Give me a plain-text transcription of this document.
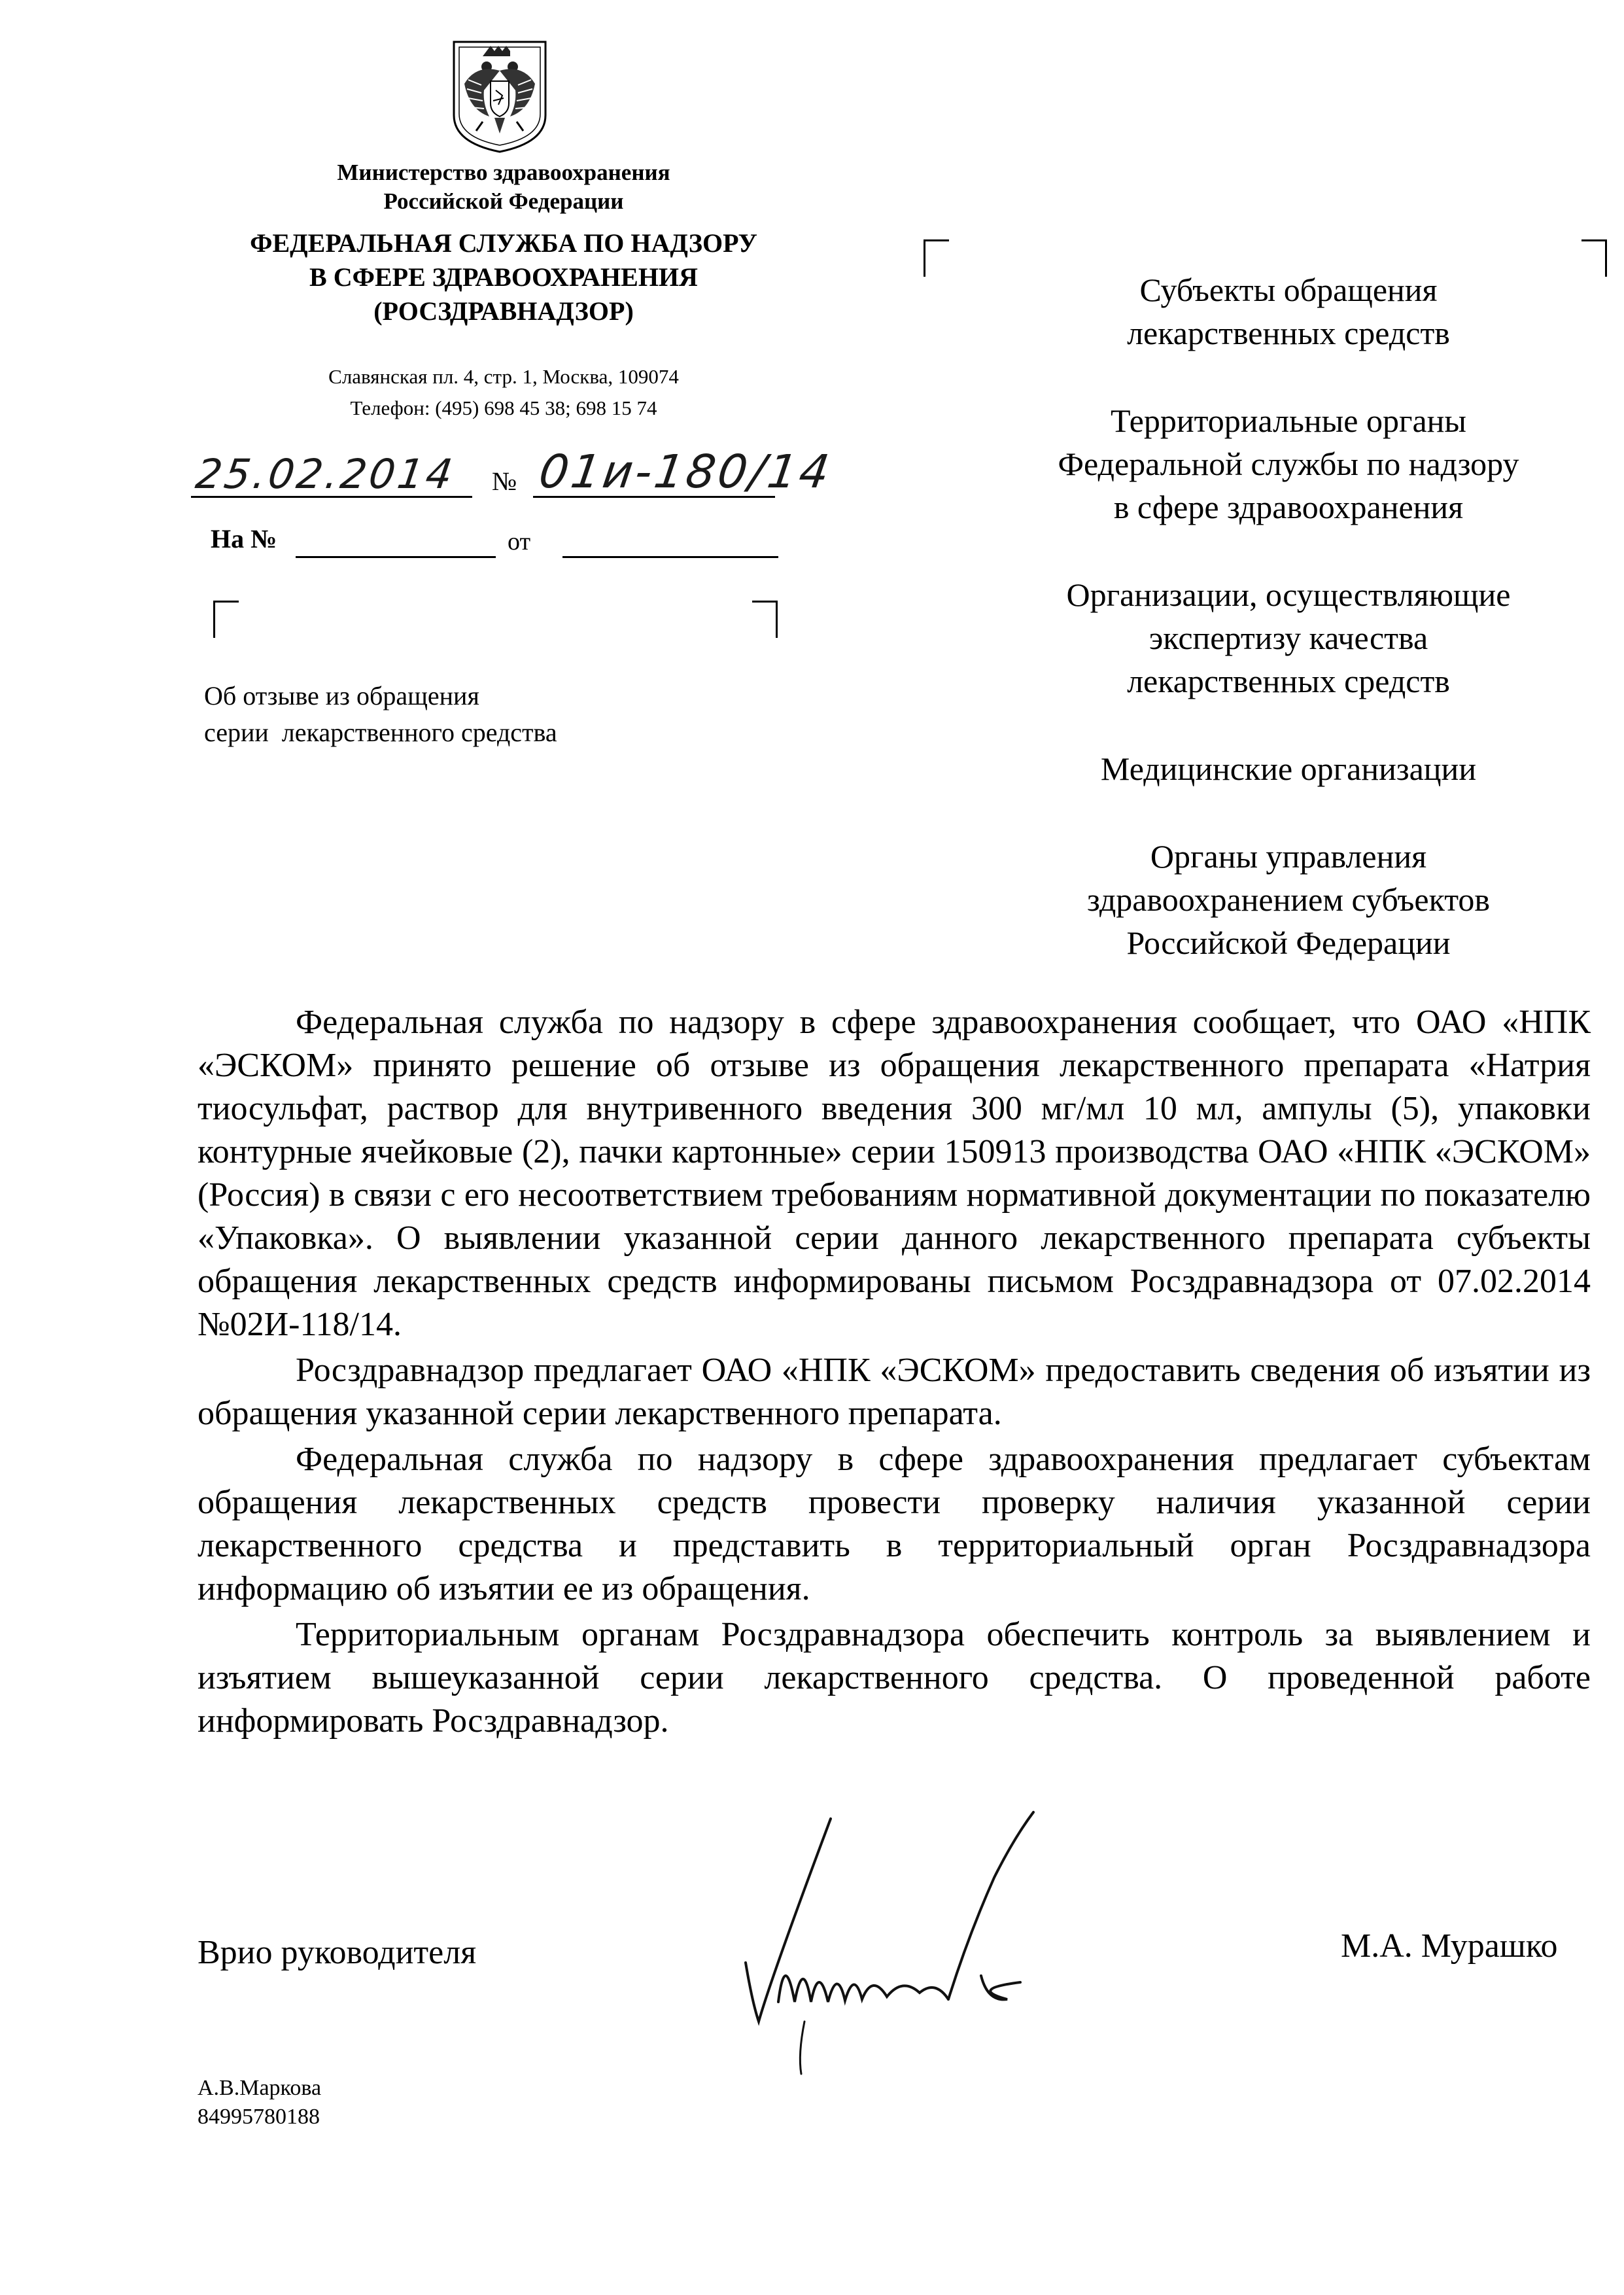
Министерство здравоохранения
Российской Федерации
ФЕДЕРАЛЬНАЯ СЛУЖБА ПО НАДЗОРУ
В СФЕРЕ ЗДРАВООХРАНЕНИЯ
(РОСЗДРАВНАДЗОР)
Славянская пл. 4, стр. 1, Москва, 109074
Телефон: (495) 698 45 38; 698 15 74
25.02.2014 № 01и-180/14
На №	от
Об отзыве из обращения
серии  лекарственного средства
Субъекты обращения
лекарственных средств
Территориальные органы
Федеральной службы по надзору
в сфере здравоохранения
Организации, осуществляющие
экспертизу качества
лекарственных средств
Медицинские организации
Органы управления
здравоохранением субъектов
Российской Федерации

Федеральная служба по надзору в сфере здравоохранения сообщает, что ОАО «НПК «ЭСКОМ» принято решение об отзыве из обращения лекарственного препарата «Натрия тиосульфат, раствор для внутривенного введения 300 мг/мл 10 мл, ампулы (5), упаковки контурные ячейковые (2), пачки картонные» серии 150913 производства ОАО «НПК «ЭСКОМ» (Россия) в связи с его несоответствием требованиям нормативной документации по показателю «Упаковка». О выявлении указанной серии данного лекарственного препарата субъекты обращения лекарственных средств информированы письмом Росздравнадзора от 07.02.2014 №02И-118/14.

Росздравнадзор предлагает ОАО «НПК «ЭСКОМ» предоставить сведения об изъятии из обращения указанной серии лекарственного препарата.

Федеральная служба по надзору в сфере здравоохранения предлагает субъектам обращения лекарственных средств провести проверку наличия указанной серии лекарственного средства и представить в территориальный орган Росздравнадзора информацию об изъятии ее из обращения.

Территориальным органам Росздравнадзора обеспечить контроль за выявлением и изъятием вышеуказанной серии лекарственного средства. О проведенной работе информировать Росздравнадзор.

Врио руководителя	М.А. Мурашко
А.В.Маркова
84995780188
